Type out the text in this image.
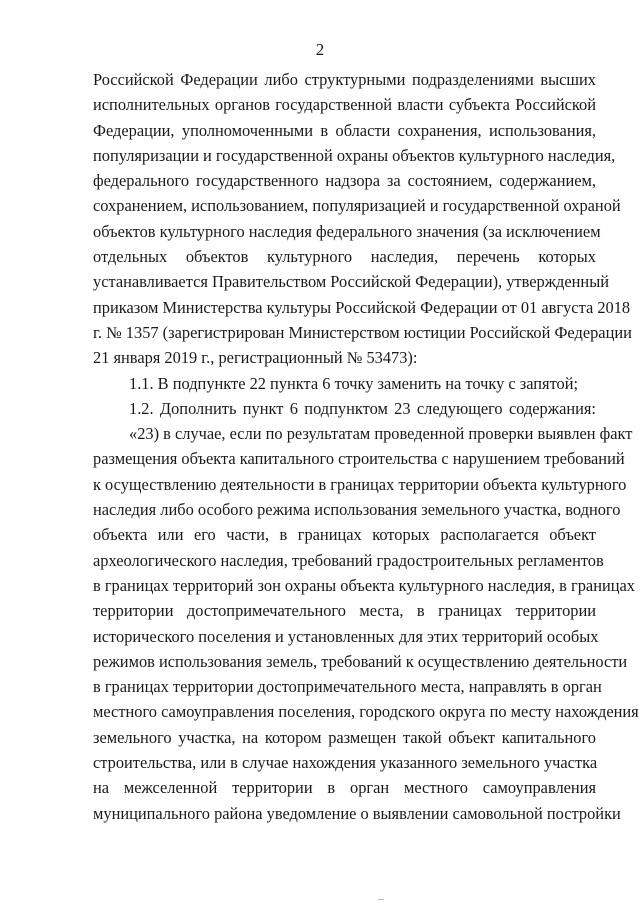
2
Российской Федерации либо структурными подразделениями высших
исполнительных органов государственной власти субъекта Российской
Федерации, уполномоченными в области сохранения, использования,
популяризации и государственной охраны объектов культурного наследия,
федерального государственного надзора за состоянием, содержанием,
сохранением, использованием, популяризацией и государственной охраной
объектов культурного наследия федерального значения (за исключением
отдельных объектов культурного наследия, перечень которых
устанавливается Правительством Российской Федерации), утвержденный
приказом Министерства культуры Российской Федерации от 01 августа 2018
г. № 1357 (зарегистрирован Министерством юстиции Российской Федерации
21 января 2019 г., регистрационный № 53473):
1.1. В подпункте 22 пункта 6 точку заменить на точку с запятой;
1.2. Дополнить пункт 6 подпунктом 23 следующего содержания:
«23) в случае, если по результатам проведенной проверки выявлен факт
размещения объекта капитального строительства с нарушением требований
к осуществлению деятельности в границах территории объекта культурного
наследия либо особого режима использования земельного участка, водного
объекта или его части, в границах которых располагается объект
археологического наследия, требований градостроительных регламентов
в границах территорий зон охраны объекта культурного наследия, в границах
территории достопримечательного места, в границах территории
исторического поселения и установленных для этих территорий особых
режимов использования земель, требований к осуществлению деятельности
в границах территории достопримечательного места, направлять в орган
местного самоуправления поселения, городского округа по месту нахождения
земельного участка, на котором размещен такой объект капитального
строительства, или в случае нахождения указанного земельного участка
на межселенной территории в орган местного самоуправления
муниципального района уведомление о выявлении самовольной постройки
